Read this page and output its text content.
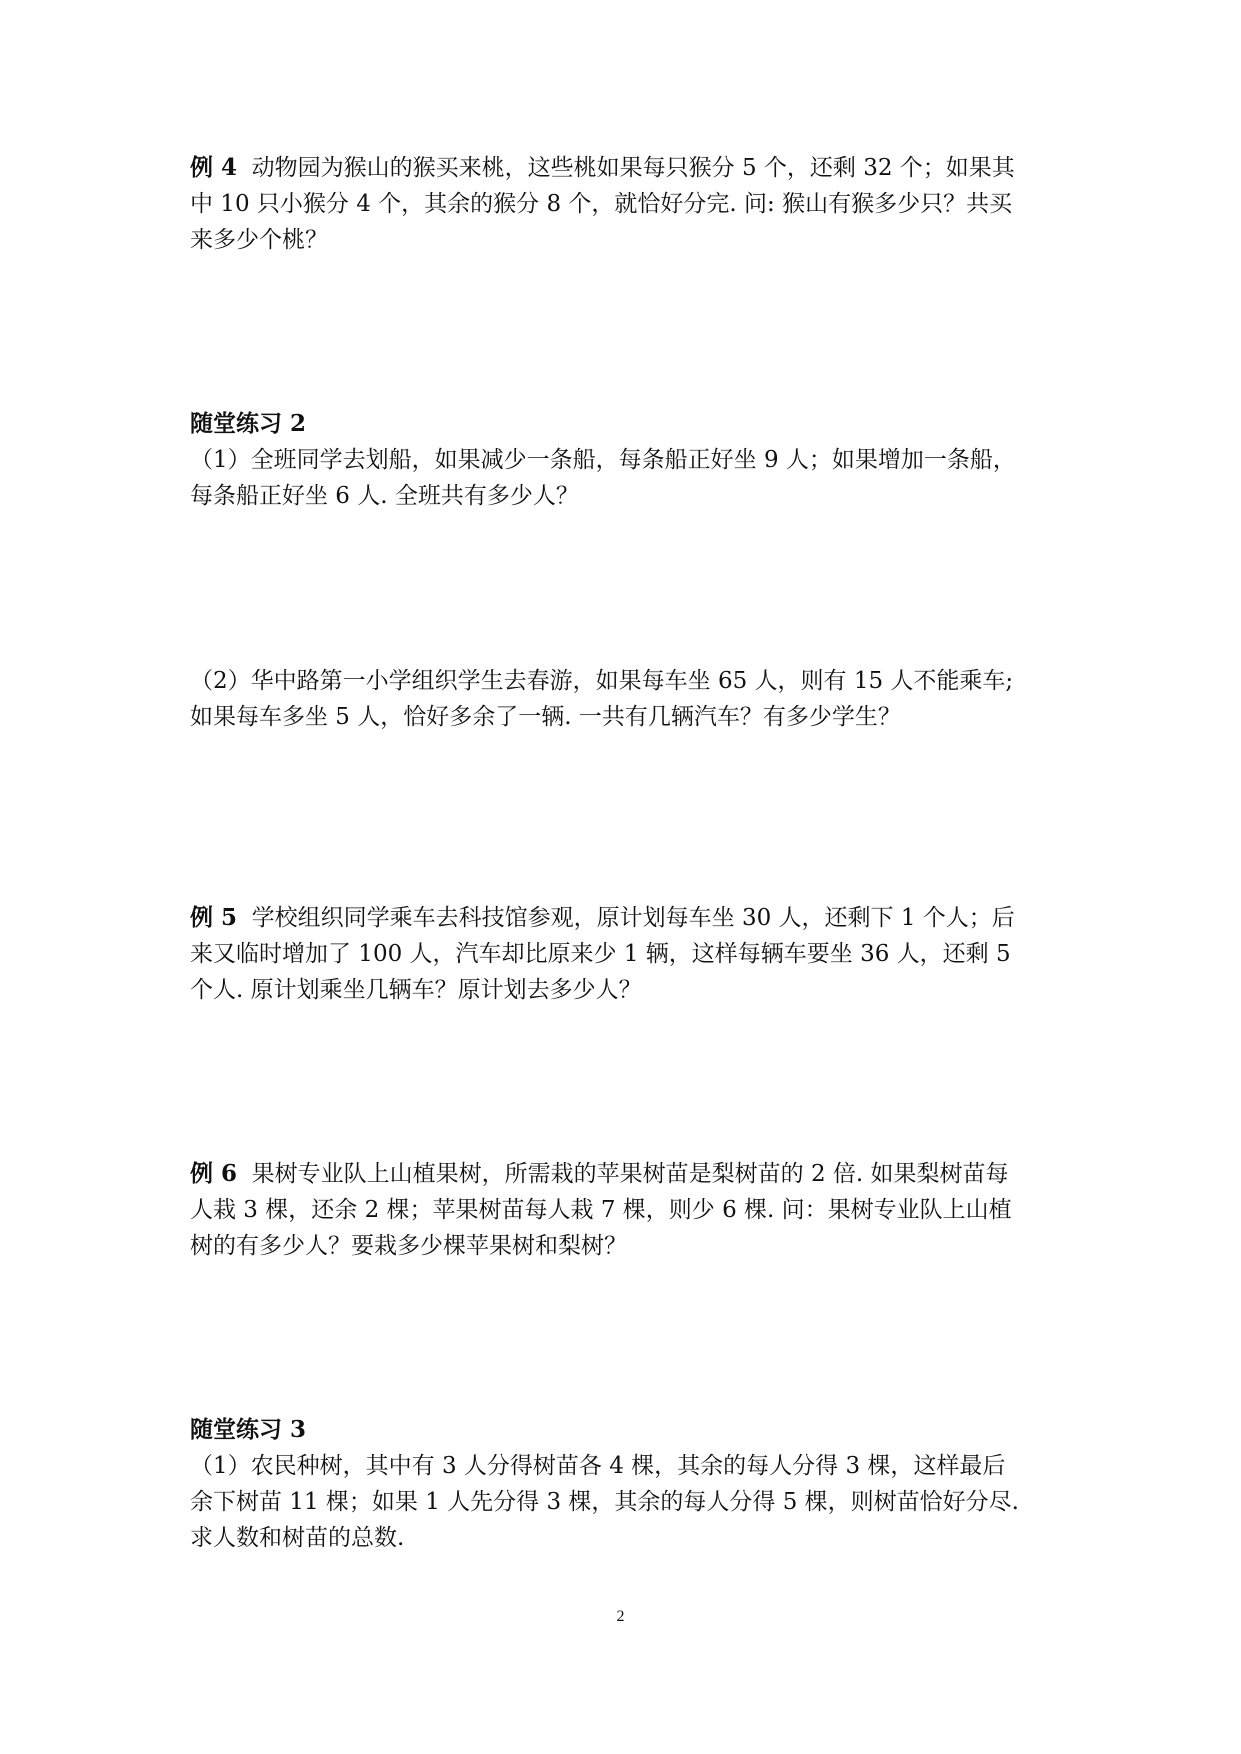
例 4 动物园为猴山的猴买来桃，这些桃如果每只猴分 5 个，还剩 32 个；如果其

中 10 只小猴分 4 个，其余的猴分 8 个，就恰好分完. 问: 猴山有猴多少只？共买

来多少个桃？

随堂练习 2

（1）全班同学去划船，如果减少一条船，每条船正好坐 9 人；如果增加一条船，

每条船正好坐 6 人. 全班共有多少人？

（2）华中路第一小学组织学生去春游，如果每车坐 65 人，则有 15 人不能乘车;

如果每车多坐 5 人，恰好多余了一辆. 一共有几辆汽车？有多少学生？

例 5 学校组织同学乘车去科技馆参观，原计划每车坐 30 人，还剩下 1 个人；后

来又临时增加了 100 人，汽车却比原来少 1 辆，这样每辆车要坐 36 人，还剩 5

个人. 原计划乘坐几辆车？原计划去多少人？

例 6 果树专业队上山植果树，所需栽的苹果树苗是梨树苗的 2 倍. 如果梨树苗每

人栽 3 棵，还余 2 棵；苹果树苗每人栽 7 棵，则少 6 棵. 问：果树专业队上山植

树的有多少人？要栽多少棵苹果树和梨树？

随堂练习 3

（1）农民种树，其中有 3 人分得树苗各 4 棵，其余的每人分得 3 棵，这样最后

余下树苗 11 棵；如果 1 人先分得 3 棵，其余的每人分得 5 棵，则树苗恰好分尽.

求人数和树苗的总数.

2
